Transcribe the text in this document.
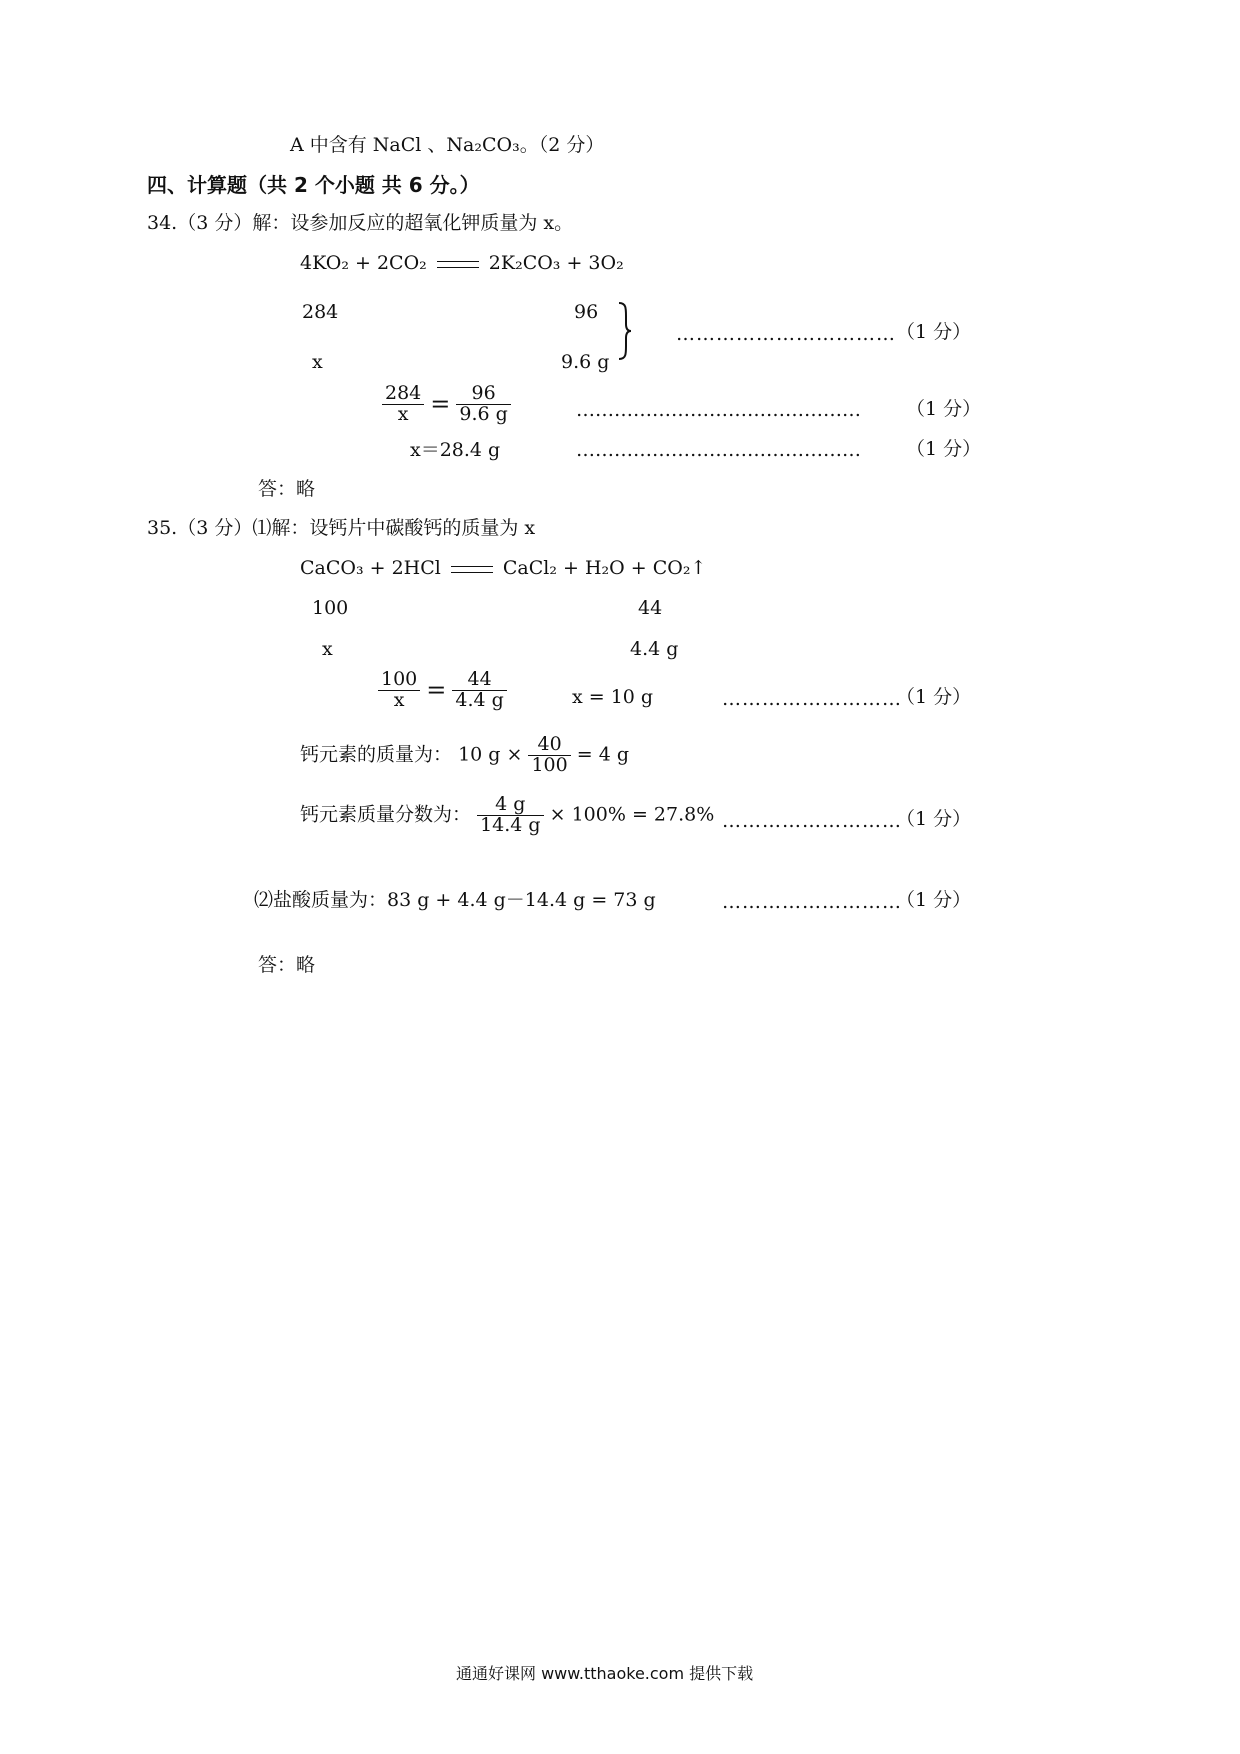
A 中含有 NaCl 、Na₂CO₃。（2 分）
四、计算题（共 2 个小题 共 6 分。）
34.（3 分）解：设参加反应的超氧化钾质量为 x。
4KO₂ + 2CO₂	2K₂CO₃ + 3O₂
284	96
x	9.6 g
…………………………… （1 分）
$\frac{284}{x} = \frac{96}{9.6 g}$	……………………………………… （1 分）
x＝28.4 g	……………………………………… （1 分）
答：略
35.（3 分）⑴解：设钙片中碳酸钙的质量为 x
CaCO₃ + 2HCl	CaCl₂ + H₂O + CO₂↑
100	44
x	4.4 g
$\frac{100}{x} = \frac{44}{4.4 g}$	x = 10 g	………………………
（1 分）
钙元素的质量为： 10 $g \times \frac{40}{100} = 4$ g
钙元素质量分数为： $\frac{4 g}{14.4 g} \times 100\% = 27.8\%$ ………………………
（1 分）
⑵盐酸质量为：83 g + 4.4 g－14.4 g = 73 g	………………………
（1 分）
答：略
通通好课网 www.tthaoke.com 提供下载
